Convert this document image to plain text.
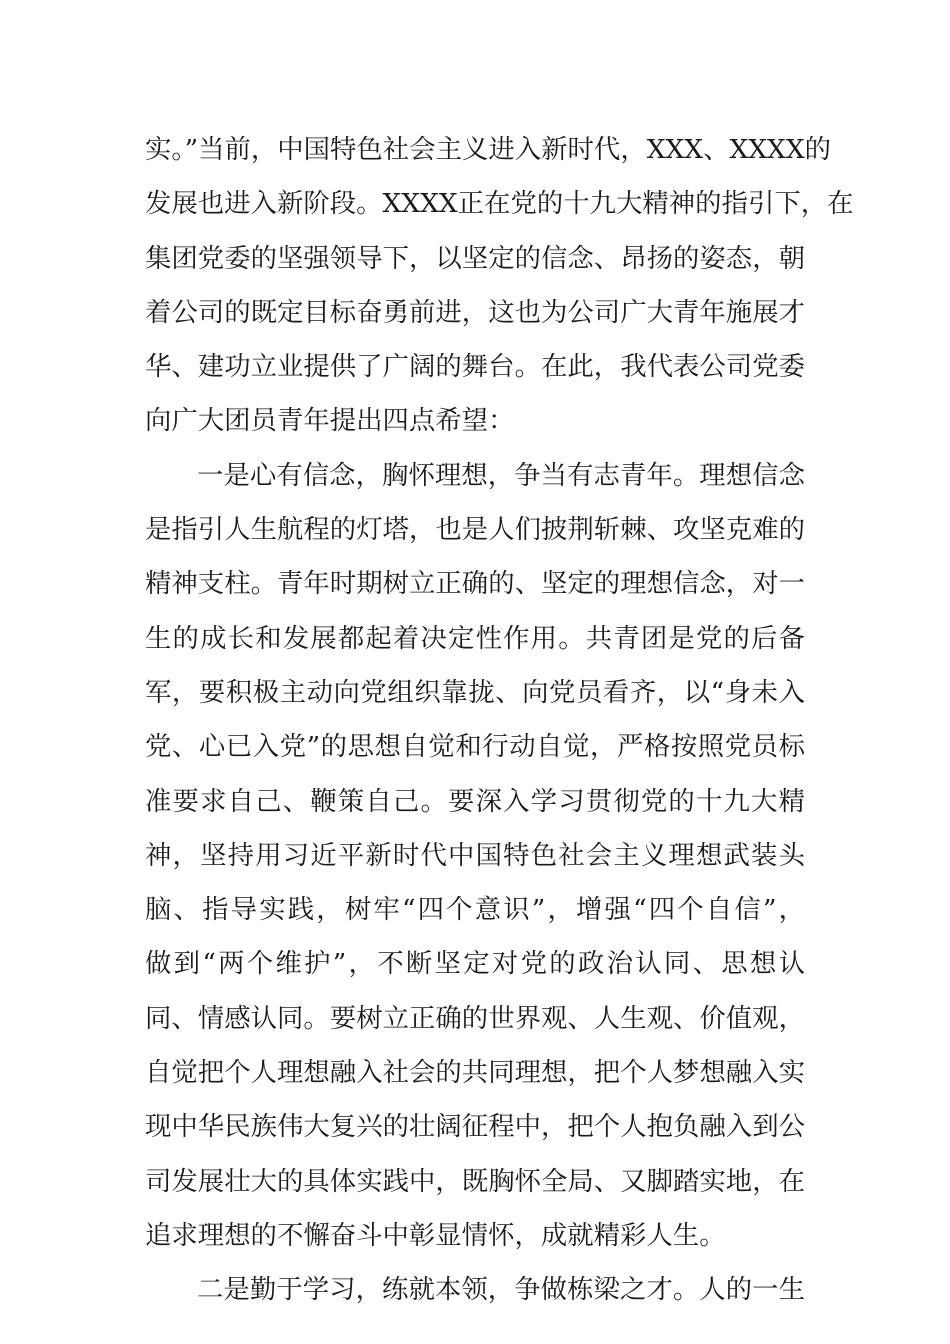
实。”当前，中国特色社会主义进入新时代，XXX、XXXX的
发展也进入新阶段。XXXX正在党的十九大精神的指引下，在
集团党委的坚强领导下，以坚定的信念、昂扬的姿态，朝
着公司的既定目标奋勇前进，这也为公司广大青年施展才
华、建功立业提供了广阔的舞台。在此，我代表公司党委
向广大团员青年提出四点希望：
一是心有信念，胸怀理想，争当有志青年。理想信念
是指引人生航程的灯塔，也是人们披荆斩棘、攻坚克难的
精神支柱。青年时期树立正确的、坚定的理想信念，对一
生的成长和发展都起着决定性作用。共青团是党的后备
军，要积极主动向党组织靠拢、向党员看齐，以“身未入
党、心已入党”的思想自觉和行动自觉，严格按照党员标
准要求自己、鞭策自己。要深入学习贯彻党的十九大精
神，坚持用习近平新时代中国特色社会主义理想武装头
脑、指导实践，树牢“四个意识”，增强“四个自信”，
做到“两个维护”，不断坚定对党的政治认同、思想认
同、情感认同。要树立正确的世界观、人生观、价值观，
自觉把个人理想融入社会的共同理想，把个人梦想融入实
现中华民族伟大复兴的壮阔征程中，把个人抱负融入到公
司发展壮大的具体实践中，既胸怀全局、又脚踏实地，在
追求理想的不懈奋斗中彰显情怀，成就精彩人生。
二是勤于学习，练就本领，争做栋梁之才。人的一生
